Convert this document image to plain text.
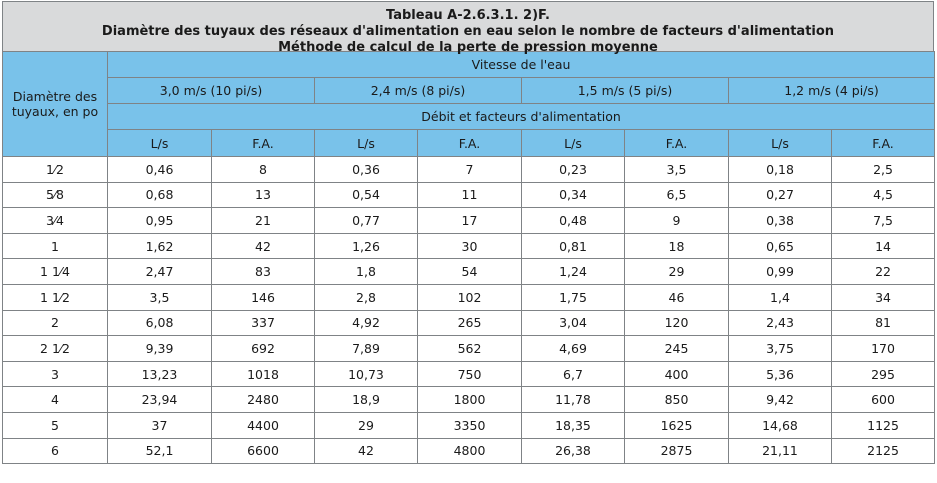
Tableau A-2.6.3.1. 2)F.
Diamètre des tuyaux des réseaux d'alimentation en eau selon le nombre de facteurs d'alimentation
Méthode de calcul de la perte de pression moyenne
Diamètre des tuyaux, en po	Vitesse de l'eau							
	3,0 m/s (10 pi/s)		2,4 m/s (8 pi/s)		1,5 m/s (5 pi/s)		1,2 m/s (4 pi/s)	
	Débit et facteurs d'alimentation							
	L/s	F.A.	L/s	F.A.	L/s	F.A.	L/s	F.A.
1⁄2	0,46	8	0,36	7	0,23	3,5	0,18	2,5
5⁄8	0,68	13	0,54	11	0,34	6,5	0,27	4,5
3⁄4	0,95	21	0,77	17	0,48	9	0,38	7,5
1	1,62	42	1,26	30	0,81	18	0,65	14
1 1⁄4	2,47	83	1,8	54	1,24	29	0,99	22
1 1⁄2	3,5	146	2,8	102	1,75	46	1,4	34
2	6,08	337	4,92	265	3,04	120	2,43	81
2 1⁄2	9,39	692	7,89	562	4,69	245	3,75	170
3	13,23	1018	10,73	750	6,7	400	5,36	295
4	23,94	2480	18,9	1800	11,78	850	9,42	600
5	37	4400	29	3350	18,35	1625	14,68	1125
6	52,1	6600	42	4800	26,38	2875	21,11	2125
